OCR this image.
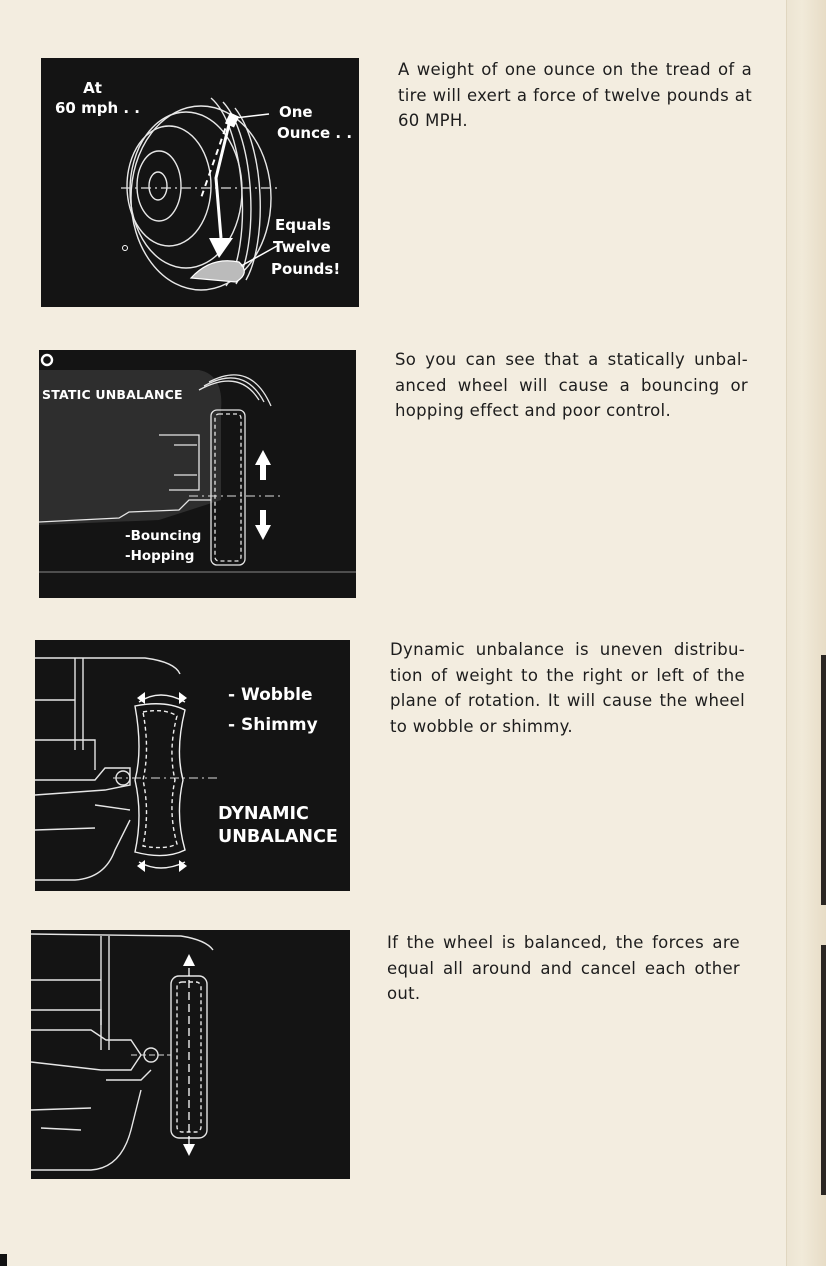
At
60 mph . .	One
Ounce . .
Equals
Twelve
Pounds!

A weight of one ounce on the tread of a tire will exert a force of twelve pounds at 60 MPH.

STATIC UNBALANCE
-Bouncing
-Hopping

So you can see that a statically unbal-anced wheel will cause a bouncing or hopping effect and poor control.

- Wobble
- Shimmy
DYNAMIC
UNBALANCE

Dynamic unbalance is uneven distribu-tion of weight to the right or left of the plane of rotation. It will cause the wheel to wobble or shimmy.

If the wheel is balanced, the forces are equal all around and cancel each other out.
